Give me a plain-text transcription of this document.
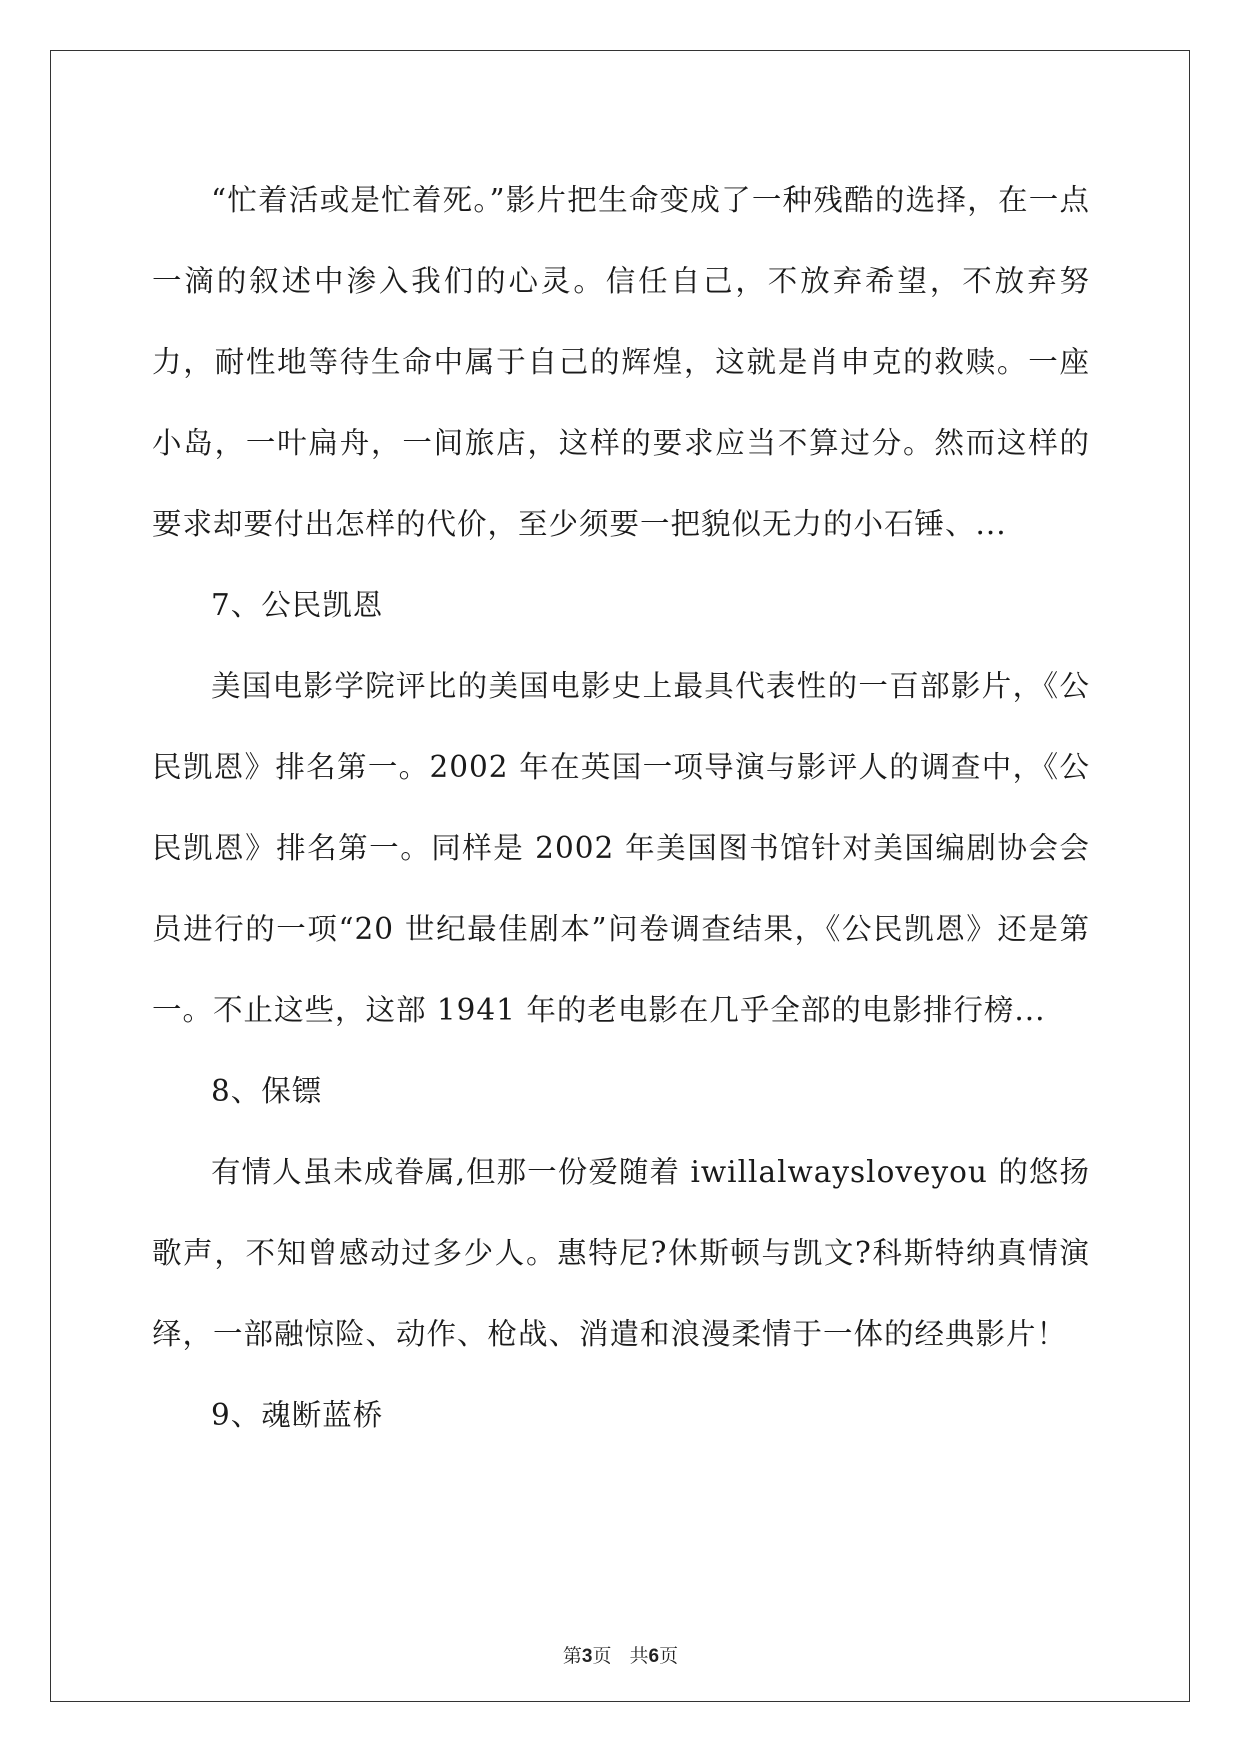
“忙着活或是忙着死。”影片把生命变成了一种残酷的选择，在一点一滴的叙述中渗入我们的心灵。信任自己，不放弃希望，不放弃努力，耐性地等待生命中属于自己的辉煌，这就是肖申克的救赎。一座小岛，一叶扁舟，一间旅店，这样的要求应当不算过分。然而这样的要求却要付出怎样的代价，至少须要一把貌似无力的小石锤、...

7、公民凯恩

美国电影学院评比的美国电影史上最具代表性的一百部影片，《公民凯恩》排名第一。2002 年在英国一项导演与影评人的调查中，《公民凯恩》排名第一。同样是 2002 年美国图书馆针对美国编剧协会会员进行的一项“20 世纪最佳剧本”问卷调查结果，《公民凯恩》还是第一。不止这些，这部 1941 年的老电影在几乎全部的电影排行榜...

8、保镖

有情人虽未成眷属,但那一份爱随着 iwillalwaysloveyou 的悠扬歌声，不知曾感动过多少人。惠特尼?休斯顿与凯文?科斯特纳真情演绎，一部融惊险、动作、枪战、消遣和浪漫柔情于一体的经典影片！

9、魂断蓝桥

第3页 共6页
